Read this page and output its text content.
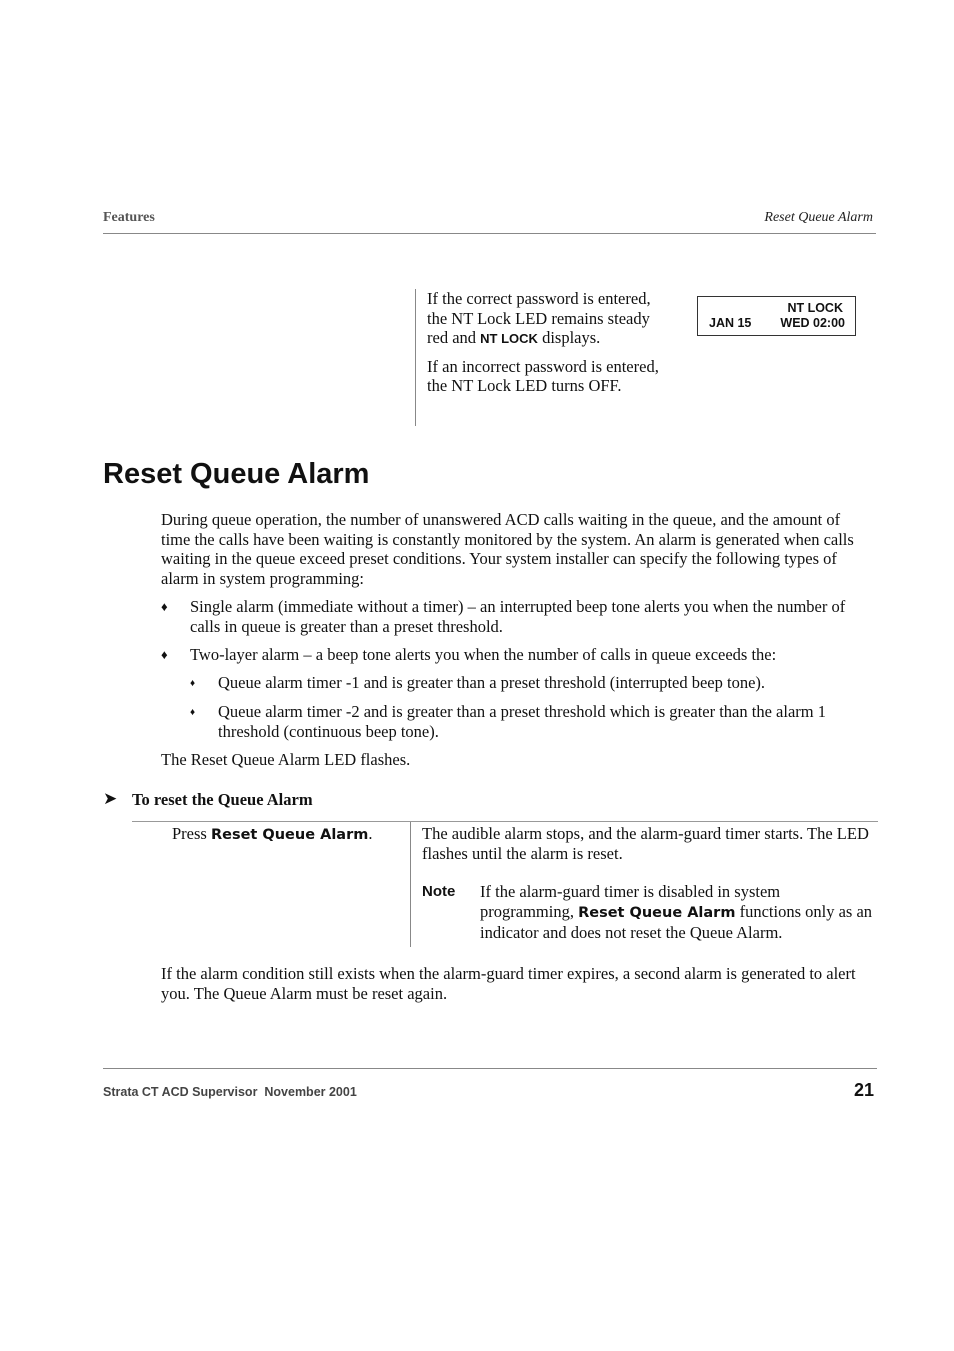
Features	Reset Queue Alarm

If the correct password is entered, the NT Lock LED remains steady red and NT LOCK displays.

If an incorrect password is entered, the NT Lock LED turns OFF.

NT LOCK
JAN 15 WED 02:00
Reset Queue Alarm

During queue operation, the number of unanswered ACD calls waiting in the queue, and the amount of time the calls have been waiting is constantly monitored by the system. An alarm is generated when calls waiting in the queue exceed preset conditions. Your system installer can specify the following types of alarm in system programming:

♦ Single alarm (immediate without a timer) – an interrupted beep tone alerts you when the number of calls in queue is greater than a preset threshold.
♦ Two-layer alarm – a beep tone alerts you when the number of calls in queue exceeds the:
♦ Queue alarm timer -1 and is greater than a preset threshold (interrupted beep tone).
♦ Queue alarm timer -2 and is greater than a preset threshold which is greater than the alarm 1 threshold (continuous beep tone).

The Reset Queue Alarm LED flashes.

➤ To reset the Queue Alarm
Press Reset Queue Alarm.	The audible alarm stops, and the alarm-guard timer starts. The LED flashes until the alarm is reset.
Note If the alarm-guard timer is disabled in system programming, Reset Queue Alarm functions only as an indicator and does not reset the Queue Alarm.

If the alarm condition still exists when the alarm-guard timer expires, a second alarm is generated to alert you. The Queue Alarm must be reset again.

Strata CT ACD Supervisor  November 2001	21
